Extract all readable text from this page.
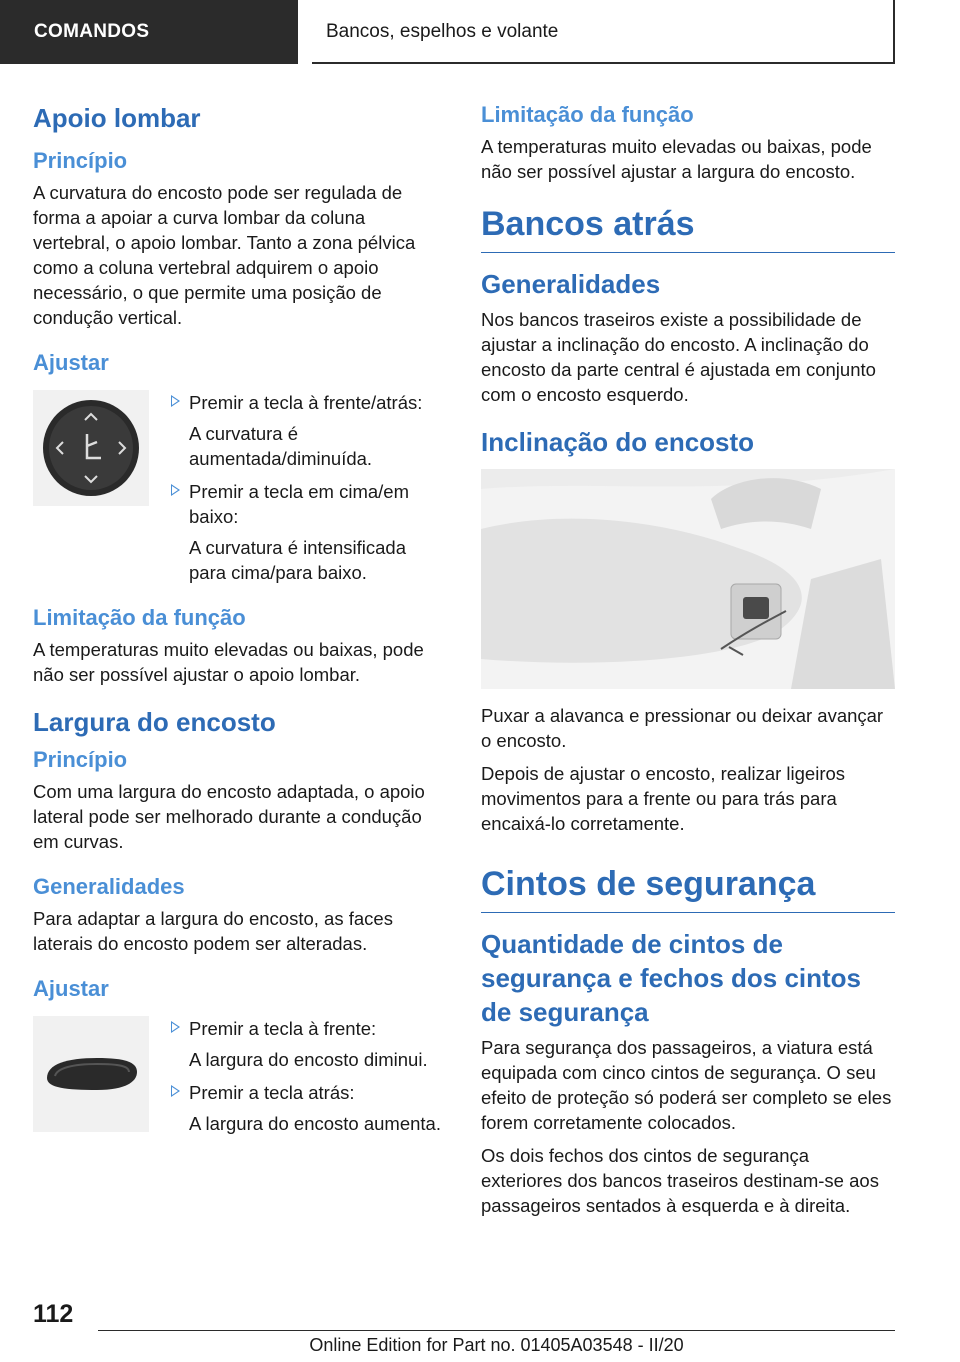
COMANDOS	Bancos, espelhos e volante
Apoio lombar
Princípio

A curvatura do encosto pode ser regulada de forma a apoiar a curva lombar da coluna vertebral, o apoio lombar. Tanto a zona pélvica como a coluna vertebral adquirem o apoio necessário, o que permite uma posição de condução vertical.

Ajustar

Premir a tecla à frente/atrás:

A curvatura é aumentada/diminuída.

Premir a tecla em cima/em baixo:

A curvatura é intensificada para cima/para baixo.

Limitação da função

A temperaturas muito elevadas ou baixas, pode não ser possível ajustar o apoio lombar.

Largura do encosto
Princípio

Com uma largura do encosto adaptada, o apoio lateral pode ser melhorado durante a condução em curvas.

Generalidades

Para adaptar a largura do encosto, as faces laterais do encosto podem ser alteradas.

Ajustar

Premir a tecla à frente:

A largura do encosto diminui.

Premir a tecla atrás:

A largura do encosto aumenta.

Limitação da função

A temperaturas muito elevadas ou baixas, pode não ser possível ajustar a largura do encosto.

Bancos atrás
Generalidades

Nos bancos traseiros existe a possibilidade de ajustar a inclinação do encosto. A inclinação do encosto da parte central é ajustada em conjunto com o encosto esquerdo.

Inclinação do encosto

Puxar a alavanca e pressionar ou deixar avançar o encosto.

Depois de ajustar o encosto, realizar ligeiros movimentos para a frente ou para trás para encaixá-lo corretamente.

Cintos de segurança
Quantidade de cintos de segurança e fechos dos cintos de segurança

Para segurança dos passageiros, a viatura está equipada com cinco cintos de segurança. O seu efeito de proteção só poderá ser completo se eles forem corretamente colocados.

Os dois fechos dos cintos de segurança exteriores dos bancos traseiros destinam-se aos passageiros sentados à esquerda e à direita.

112
Online Edition for Part no. 01405A03548 - II/20
